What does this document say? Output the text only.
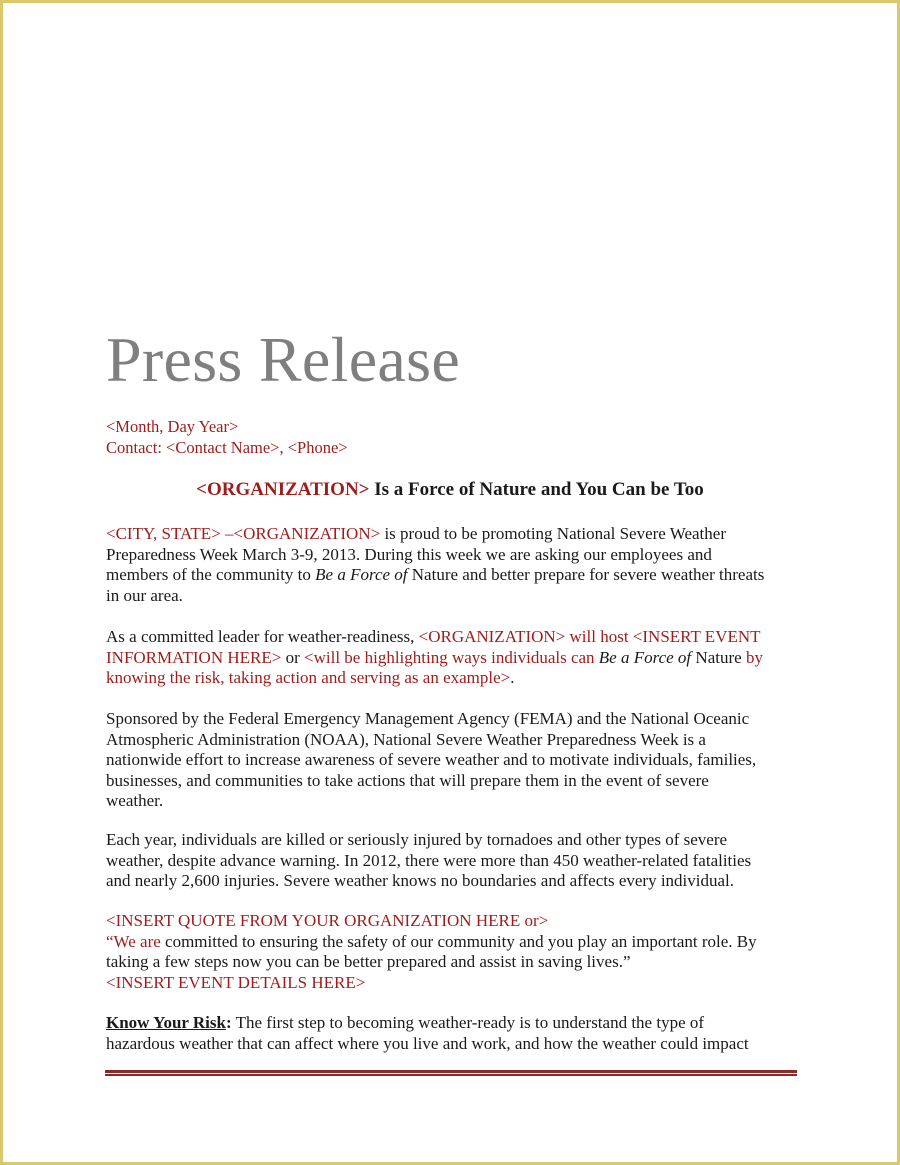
Press Release
<Month, Day Year>
Contact: <Contact Name>, <Phone>
<ORGANIZATION> Is a Force of Nature and You Can be Too
<CITY, STATE> –<ORGANIZATION> is proud to be promoting National Severe Weather
Preparedness Week March 3-9, 2013. During this week we are asking our employees and
members of the community to Be a Force of Nature and better prepare for severe weather threats
in our area.
As a committed leader for weather-readiness, <ORGANIZATION> will host <INSERT EVENT
INFORMATION HERE> or <will be highlighting ways individuals can Be a Force of Nature by
knowing the risk, taking action and serving as an example>.
Sponsored by the Federal Emergency Management Agency (FEMA) and the National Oceanic
Atmospheric Administration (NOAA), National Severe Weather Preparedness Week is a
nationwide effort to increase awareness of severe weather and to motivate individuals, families,
businesses, and communities to take actions that will prepare them in the event of severe
weather.
Each year, individuals are killed or seriously injured by tornadoes and other types of severe
weather, despite advance warning. In 2012, there were more than 450 weather-related fatalities
and nearly 2,600 injuries. Severe weather knows no boundaries and affects every individual.
<INSERT QUOTE FROM YOUR ORGANIZATION HERE or>
“We are committed to ensuring the safety of our community and you play an important role. By
taking a few steps now you can be better prepared and assist in saving lives.”
<INSERT EVENT DETAILS HERE>
Know Your Risk: The first step to becoming weather-ready is to understand the type of
hazardous weather that can affect where you live and work, and how the weather could impact
